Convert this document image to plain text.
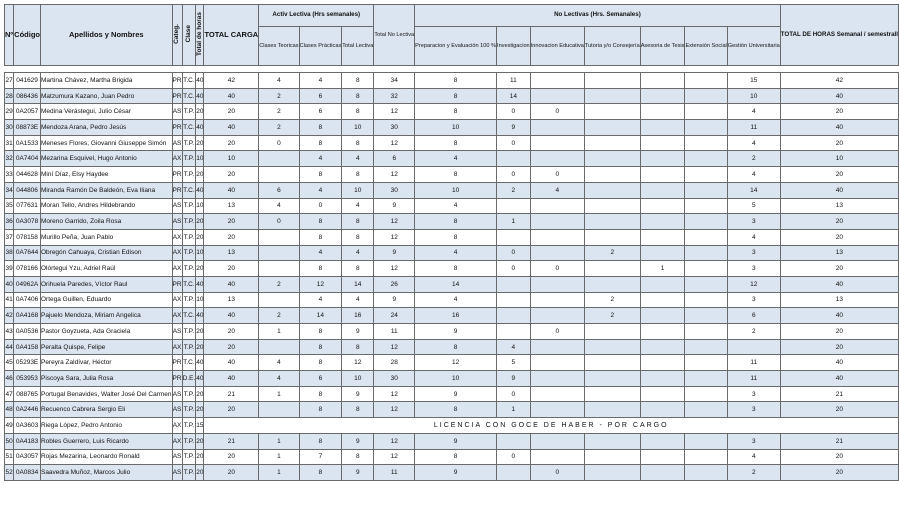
Nº	Código	Apellidos y Nombres	Categ.	Clase	Total de horas	TOTAL CARGA	Activ Lectiva (Hrs semanales)			Total No Lectiva	No Lectivas (Hrs. Semanales)							TOTAL DE HORAS Semanal / semestrall
							Clases Teoricas	Clases Prácticas	Total Lectiva		Preparacion y Evaluación 100 %	Investigacion	Innovacion Educativa	Tutoria y/o Consejería	Asesoria de Tesis	Extensión Social	Gestión Universitaria	

27	041629	Martina Chávez, Martha Brigida	PR	T.C.	40	42	4	4	8	34	8	11					15	42
28	086436	Matzumura Kazano, Juan Pedro	PR	T.C.	40	40	2	6	8	32	8	14					10	40
29	0A2057	Medina Verástegui, Julio César	AS	T.P.	20	20	2	6	8	12	8	0	0				4	20
30	08873E	Mendoza Arana, Pedro Jesús	PR	T.C.	40	40	2	8	10	30	10	9					11	40
31	0A1533	Meneses Flores, Giovanni Giuseppe Simón	AS	T.P.	20	20	0	8	8	12	8	0					4	20
32	0A7404	Mezarina Esquivel, Hugo Antonio	AX	T.P.	10	10		4	4	6	4						2	10
33	044628	Miní Díaz, Elsy Haydee	PR	T.P.	20	20		8	8	12	8	0	0				4	20
34	044806	Miranda Ramón De Baldeón, Eva Iliana	PR	T.C.	40	40	6	4	10	30	10	2	4				14	40
35	077631	Moran Tello, Andres Hildebrando	AS	T.P.	10	13	4	0	4	9	4						5	13
36	0A3078	Moreno Garrido, Zoila Rosa	AS	T.P.	20	20	0	8	8	12	8	1					3	20
37	078158	Murillo Peña, Juan Pablo	AX	T.P.	20	20		8	8	12	8						4	20
38	0A7644	Obregón Cahuaya, Cristian Edison	AX	T.P.	10	13		4	4	9	4	0		2			3	13
39	078166	Olórtegui Yzu, Adriel Raúl	AX	T.P.	20	20		8	8	12	8	0	0		1		3	20
40	04962A	Orihuela Paredes, Víctor Raul	PR	T.C.	40	40	2	12	14	26	14						12	40
41	0A7406	Ortega Guillen, Eduardo	AX	T.P.	10	13		4	4	9	4			2			3	13
42	0A4168	Pajuelo Mendoza, Miriam Angelica	AX	T.C.	40	40	2	14	16	24	16			2			6	40
43	0A0536	Pastor Goyzueta, Ada Graciela	AS	T.P.	20	20	1	8	9	11	9		0				2	20
44	0A4158	Peralta Quispe, Felipe	AX	T.P.	20	20		8	8	12	8	4						20
45	05293E	Pereyra Zaldívar, Héctor	PR	T.C.	40	40	4	8	12	28	12	5					11	40
46	053953	Piscoya Sara, Julia Rosa	PR	D.E.	40	40	4	6	10	30	10	9					11	40
47	088765	Portugal Benavides, Walter José Del Carmen	AS	T.P.	20	21	1	8	9	12	9	0					3	21
48	0A2446	Recuenco Cabrera Sergio Eli	AS	T.P.	20	20		8	8	12	8	1					3	20
49	0A3603	Riega López, Pedro Antonio	AX	T.P.	15	LICENCIA CON GOCE DE HABER - POR CARGO												
50	0A4183	Robles Guerrero, Luis Ricardo	AX	T.P.	20	21	1	8	9	12	9						3	21
51	0A3057	Rojas Mezarina, Leonardo Ronald	AS	T.P.	20	20	1	7	8	12	8	0					4	20
52	0A0834	Saavedra Muñoz, Marcos Julio	AS	T.P.	20	20	1	8	9	11	9		0				2	20
